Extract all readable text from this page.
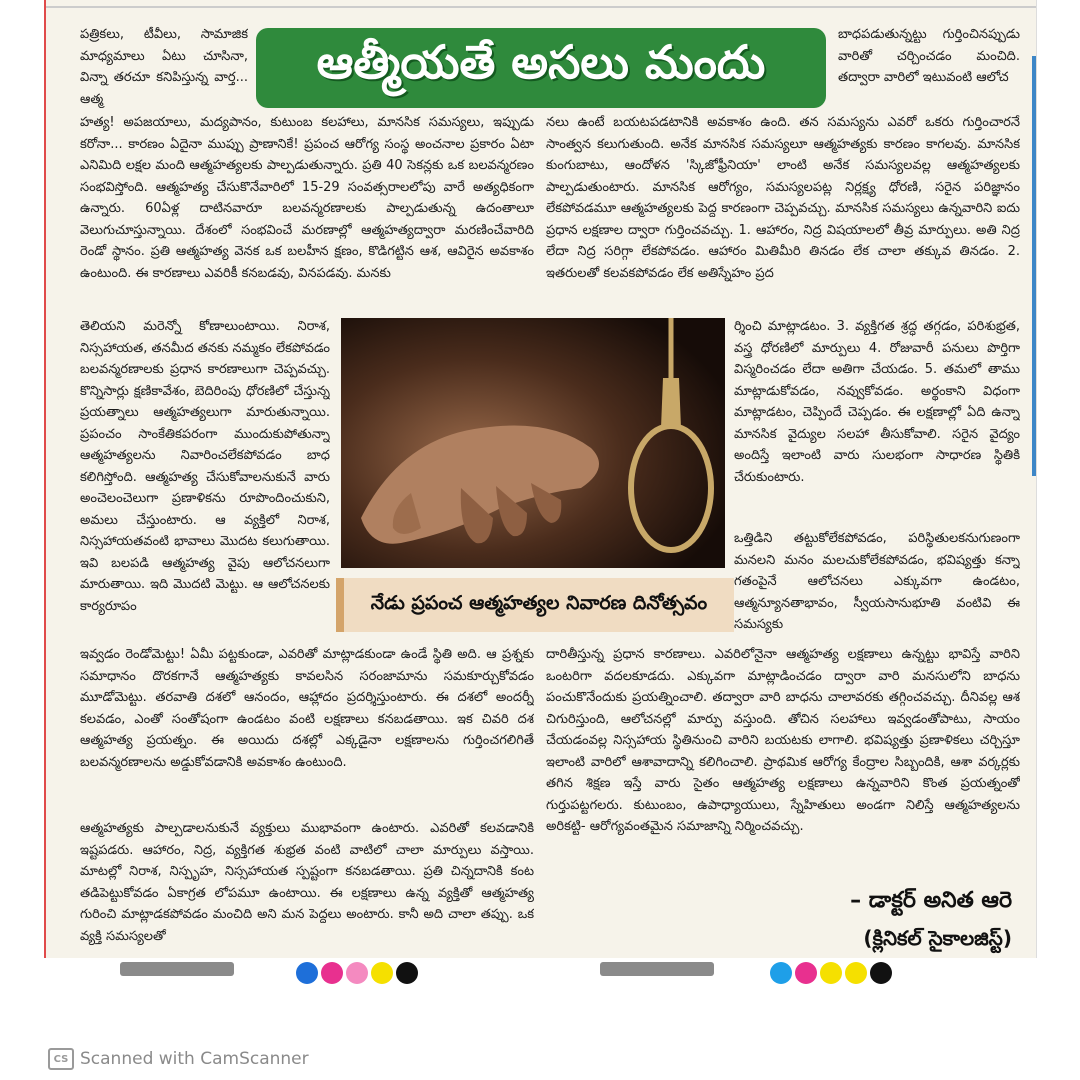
పత్రికలు, టీవీలు, సామాజిక మాధ్యమాలు ఏటు చూసినా, విన్నా తరచూ కనిపిస్తున్న వార్త... ఆత్మ
ఆత్మీయతే అసలు మందు
బాధపడుతున్నట్టు గుర్తించినప్పుడు వారితో చర్చించడం మంచిది. తద్వారా వారిలో ఇటువంటి ఆలోచ
హత్య! అపజయాలు, మద్యపానం, కుటుంబ కలహాలు, మానసిక సమస్యలు, ఇప్పుడు కరోనా... కారణం ఏదైనా ముప్పు ప్రాణానికే! ప్రపంచ ఆరోగ్య సంస్థ అంచనాల ప్రకారం ఏటా ఎనిమిది లక్షల మంది ఆత్మహత్యలకు పాల్పడుతున్నారు. ప్రతి 40 సెకన్లకు ఒక బలవన్మరణం సంభవిస్తోంది. ఆత్మహత్య చేసుకొనేవారిలో 15-29 సంవత్సరాలలోపు వారే అత్యధికంగా ఉన్నారు. 60ఏళ్ల దాటినవారూ బలవన్మరణాలకు పాల్పడుతున్న ఉదంతాలూ వెలుగుచూస్తున్నాయి. దేశంలో సంభవించే మరణాల్లో ఆత్మహత్యద్వారా మరణించేవారిది రెండో స్థానం. ప్రతి ఆత్మహత్య వెనక ఒక బలహీన క్షణం, కొడిగట్టిన ఆశ, ఆవిరైన అవకాశం ఉంటుంది. ఈ కారణాలు ఎవరికీ కనబడవు, వినపడవు. మనకు
నలు ఉంటే బయటపడటానికి అవకాశం ఉంది. తన సమస్యను ఎవరో ఒకరు గుర్తించారనే సాంత్వన కలుగుతుంది. అనేక మానసిక సమస్యలూ ఆత్మహత్యకు కారణం కాగలవు. మానసిక కుంగుబాటు, ఆందోళన 'స్కిజోఫ్రీనియా' లాంటి అనేక సమస్యలవల్ల ఆత్మహత్యలకు పాల్పడుతుంటారు. మానసిక ఆరోగ్యం, సమస్యలపట్ల నిర్లక్ష్య ధోరణి, సరైన పరిజ్ఞానం లేకపోవడమూ ఆత్మహత్యలకు పెద్ద కారణంగా చెప్పవచ్చు. మానసిక సమస్యలు ఉన్నవారిని ఐదు ప్రధాన లక్షణాల ద్వారా గుర్తించవచ్చు. 1. ఆహారం, నిద్ర విషయాలలో తీవ్ర మార్పులు. అతి నిద్ర లేదా నిద్ర సరిగ్గా లేకపోవడం. ఆహారం మితిమీరి తినడం లేక చాలా తక్కువ తినడం. 2. ఇతరులతో కలవకపోవడం లేక అతిస్నేహం ప్రద
తెలియని మరెన్నో కోణాలుంటాయి. నిరాశ, నిస్సహాయత, తనమీద తనకు నమ్మకం లేకపోవడం బలవన్మరణాలకు ప్రధాన కారణాలుగా చెప్పవచ్చు. కొన్నిసార్లు క్షణికావేశం, బెదిరింపు ధోరణిలో చేస్తున్న ప్రయత్నాలు ఆత్మహత్యలుగా మారుతున్నాయి. ప్రపంచం సాంకేతికపరంగా ముందుకుపోతున్నా ఆత్మహత్యలను నివారించలేకపోవడం బాధ కలిగిస్తోంది. ఆత్మహత్య చేసుకోవాలనుకునే వారు అంచెలంచెలుగా ప్రణాళికను రూపొందించుకుని, అమలు చేస్తుంటారు. ఆ వ్యక్తిలో నిరాశ, నిస్సహాయతవంటి భావాలు మొదట కలుగుతాయి. ఇవి బలపడి ఆత్మహత్య వైపు ఆలోచనలుగా మారుతాయి. ఇది మొదటి మెట్టు. ఆ ఆలోచనలకు కార్యరూపం
ర్శించి మాట్లాడటం. 3. వ్యక్తిగత శ్రద్ధ తగ్గడం, పరిశుభ్రత, వస్త్ర ధోరణిలో మార్పులు 4. రోజువారీ పనులు పొర్తిగా విస్మరించడం లేదా అతిగా చేయడం. 5. తమలో తాము మాట్లాడుకోవడం, నవ్వుకోవడం. అర్థంకాని విధంగా మాట్లాడటం, చెప్పిందే చెప్పడం. ఈ లక్షణాల్లో ఏది ఉన్నా మానసిక వైద్యుల సలహా తీసుకోవాలి. సరైన వైద్యం అందిస్తే ఇలాంటి వారు సులభంగా సాధారణ స్థితికి చేరుకుంటారు.
ఒత్తిడిని తట్టుకోలేకపోవడం, పరిస్థితులకనుగుణంగా మనలని మనం మలచుకోలేకపోవడం, భవిష్యత్తు కన్నా గతంపైనే ఆలోచనలు ఎక్కువగా ఉండటం, ఆత్మన్యూనతాభావం, స్వీయసానుభూతి వంటివి ఈ సమస్యకు
నేడు ప్రపంచ ఆత్మహత్యల నివారణ దినోత్సవం
ఇవ్వడం రెండోమెట్టు! ఏమీ పట్టకుండా, ఎవరితో మాట్లాడకుండా ఉండే స్థితి అది. ఆ ప్రశ్నకు సమాధానం దొరకగానే ఆత్మహత్యకు కావలసిన సరంజామాను సమకూర్చుకోవడం మూడోమెట్టు. తరవాతి దశలో ఆనందం, ఆహ్లాదం ప్రదర్శిస్తుంటారు. ఈ దశలో అందర్నీ కలవడం, ఎంతో సంతోషంగా ఉండటం వంటి లక్షణాలు కనబడతాయి. ఇక చివరి దశ ఆత్మహత్య ప్రయత్నం. ఈ అయిదు దశల్లో ఎక్కడైనా లక్షణాలను గుర్తించగలిగితే బలవన్మరణాలను అడ్డుకోవడానికి అవకాశం ఉంటుంది.
ఆత్మహత్యకు పాల్పడాలనుకునే వ్యక్తులు ముభావంగా ఉంటారు. ఎవరితో కలవడానికి ఇష్టపడరు. ఆహారం, నిద్ర, వ్యక్తిగత శుభ్రత వంటి వాటిలో చాలా మార్పులు వస్తాయి. మాటల్లో నిరాశ, నిస్పృహ, నిస్సహాయత స్పష్టంగా కనబడతాయి. ప్రతి చిన్నదానికి కంట తడిపెట్టుకోవడం ఏకాగ్రత లోపమూ ఉంటాయి. ఈ లక్షణాలు ఉన్న వ్యక్తితో ఆత్మహత్య గురించి మాట్లాడకపోవడం మంచిది అని మన పెద్దలు అంటారు. కానీ అది చాలా తప్పు. ఒక వ్యక్తి సమస్యలతో
దారితీస్తున్న ప్రధాన కారణాలు. ఎవరిలోనైనా ఆత్మహత్య లక్షణాలు ఉన్నట్టు భావిస్తే వారిని ఒంటరిగా వదలకూడదు. ఎక్కువగా మాట్లాడించడం ద్వారా వారి మనసులోని బాధను పంచుకొనేందుకు ప్రయత్నించాలి. తద్వారా వారి బాధను చాలావరకు తగ్గించవచ్చు. దీనివల్ల ఆశ చిగురిస్తుంది, ఆలోచనల్లో మార్పు వస్తుంది. తోచిన సలహాలు ఇవ్వడంతోపాటు, సాయం చేయడంవల్ల నిస్సహాయ స్థితినుంచి వారిని బయటకు లాగాలి. భవిష్యత్తు ప్రణాళికలు చర్చిస్తూ ఇలాంటి వారిలో ఆశావాదాన్ని కలిగించాలి. ప్రాథమిక ఆరోగ్య కేంద్రాల సిబ్బందికి, ఆశా వర్కర్లకు తగిన శిక్షణ ఇస్తే వారు సైతం ఆత్మహత్య లక్షణాలు ఉన్నవారిని కొంత ప్రయత్నంతో గుర్తుపట్టగలరు. కుటుంబం, ఉపాధ్యాయులు, స్నేహితులు అండగా నిలిస్తే ఆత్మహత్యలను అరికట్టి- ఆరోగ్యవంతమైన సమాజాన్ని నిర్మించవచ్చు.
– డాక్టర్ అనిత ఆరె
(క్లినికల్ సైకాలజిస్ట్)
CS Scanned with CamScanner
